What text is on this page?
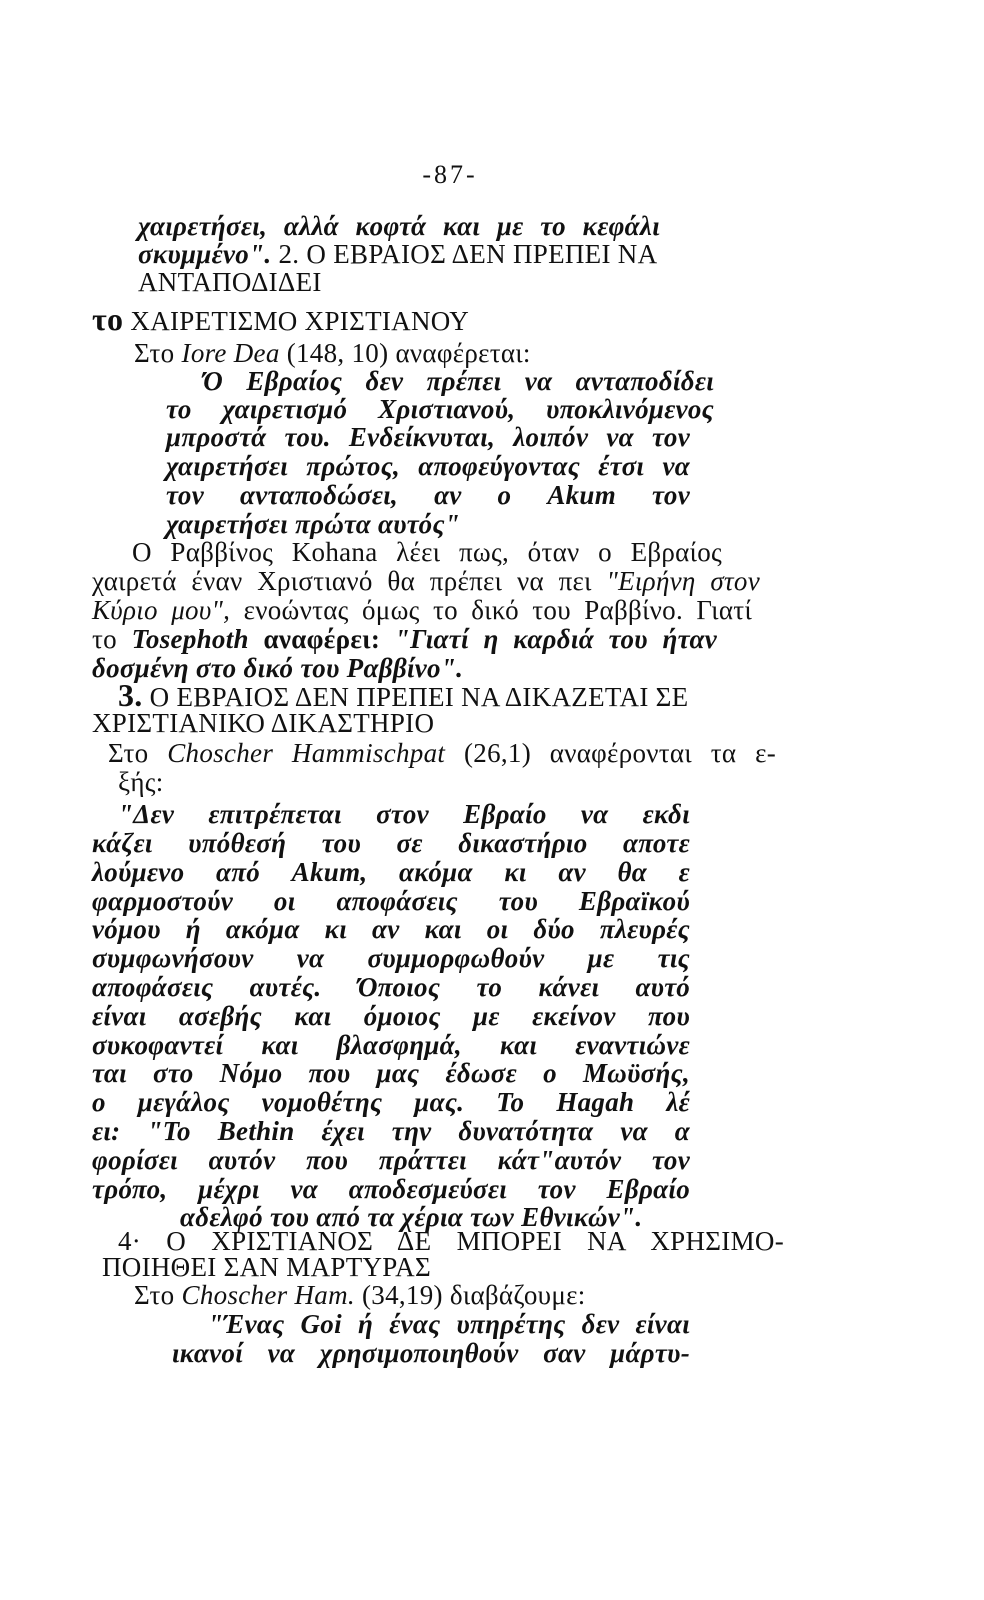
-87-
χαιρετήσει, αλλά κοφτά και με το κεφάλι
σκυμμένο". 2. Ο ΕΒΡΑΙΟΣ ΔΕΝ ΠΡΕΠΕΙ ΝΑ
ΑΝΤΑΠΟΔΙΔΕΙ
το ΧΑΙΡΕΤΙΣΜΟ ΧΡΙΣΤΙΑΝΟΥ
Στο Iore Dea (148, 10) αναφέρεται:
Ό Εβραίος δεν πρέπει να ανταποδίδει
το χαιρετισμό Χριστιανού, υποκλινόμενος
μπροστά του. Ενδείκνυται, λοιπόν να τον
χαιρετήσει πρώτος, αποφεύγοντας έτσι να
τον ανταποδώσει, αν ο Akum τον
χαιρετήσει πρώτα αυτός"
Ο Ραββίνος Kohana λέει πως, όταν ο Εβραίος
χαιρετά έναν Χριστιανό θα πρέπει να πει "Ειρήνη στον
Κύριο μου", ενοώντας όμως το δικό του Ραββίνο. Γιατί
το Tosephoth αναφέρει: "Γιατί η καρδιά του ήταν
δοσμένη στο δικό του Ραββίνο".
3. Ο ΕΒΡΑΙΟΣ ΔΕΝ ΠΡΕΠΕΙ ΝΑ ΔΙΚΑΖΕΤΑΙ ΣΕ
ΧΡΙΣΤΙΑΝΙΚΟ ΔΙΚΑΣΤΗΡΙΟ
Στο Choscher Hammischpat (26,1) αναφέρονται τα ε-
ξής:
"Δεν επιτρέπεται στον Εβραίο να εκδι
κάζει υπόθεσή του σε δικαστήριο αποτε
λούμενο από Akum, ακόμα κι αν θα ε
φαρμοστούν οι αποφάσεις του Εβραϊκού
νόμου ή ακόμα κι αν και οι δύο πλευρές
συμφωνήσουν να συμμορφωθούν με τις
αποφάσεις αυτές. Όποιος το κάνει αυτό
είναι ασεβής και όμοιος με εκείνον που
συκοφαντεί και βλασφημά, και εναντιώνε
ται στο Νόμο που μας έδωσε ο Μωϋσής,
ο μεγάλος νομοθέτης μας. Το Hagah λέ
ει: "Το Bethin έχει την δυνατότητα να α
φορίσει αυτόν που πράττει κάτ"αυτόν τον
τρόπο, μέχρι να αποδεσμεύσει τον Εβραίο
αδελφό του από τα χέρια των Εθνικών".
4· Ο ΧΡΙΣΤΙΑΝΟΣ ΔΕ ΜΠΟΡΕΙ ΝΑ ΧΡΗΣΙΜΟ-
ΠΟΙΗΘΕΙ ΣΑΝ ΜΑΡΤΥΡΑΣ
Στο Choscher Ham. (34,19) διαβάζουμε:
"Ένας Goi ή ένας υπηρέτης δεν είναι
ικανοί να χρησιμοποιηθούν σαν μάρτυ-
